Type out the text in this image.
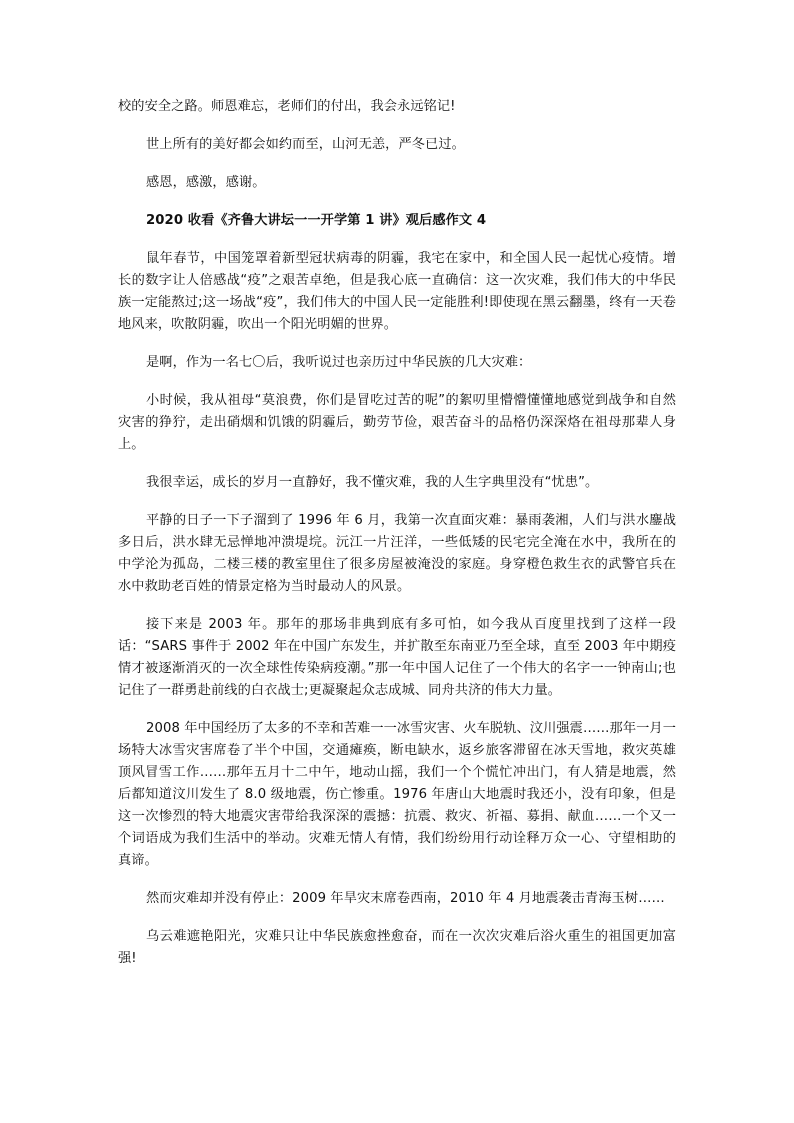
校的安全之路。师恩难忘，老师们的付出，我会永远铭记!

世上所有的美好都会如约而至，山河无恙，严冬已过。

感恩，感激，感谢。

2020 收看《齐鲁大讲坛一一开学第 1 讲》观后感作文 4

鼠年春节，中国笼罩着新型冠状病毒的阴霾，我宅在家中，和全国人民一起忧心疫情。增长的数字让人倍感战“疫”之艰苦卓绝，但是我心底一直确信：这一次灾难，我们伟大的中华民族一定能熬过;这一场战“疫”，我们伟大的中国人民一定能胜利!即使现在黑云翻墨，终有一天卷地风来，吹散阴霾，吹出一个阳光明媚的世界。

是啊，作为一名七〇后，我听说过也亲历过中华民族的几大灾难：

小时候，我从祖母“莫浪费，你们是冒吃过苦的呢”的絮叨里懵懵懂懂地感觉到战争和自然灾害的狰狞，走出硝烟和饥饿的阴霾后，勤劳节俭，艰苦奋斗的品格仍深深烙在祖母那辈人身上。

我很幸运，成长的岁月一直静好，我不懂灾难，我的人生字典里没有“忧患”。

平静的日子一下子溜到了 1996 年 6 月，我第一次直面灾难：暴雨袭湘，人们与洪水鏖战多日后，洪水肆无忌惮地冲溃堤垸。沅江一片汪洋，一些低矮的民宅完全淹在水中，我所在的中学沦为孤岛，二楼三楼的教室里住了很多房屋被淹没的家庭。身穿橙色救生衣的武警官兵在水中救助老百姓的情景定格为当时最动人的风景。

接下来是 2003 年。那年的那场非典到底有多可怕，如今我从百度里找到了这样一段话：“SARS 事件于 2002 年在中国广东发生，并扩散至东南亚乃至全球，直至 2003 年中期疫情才被逐渐消灭的一次全球性传染病疫潮。”那一年中国人记住了一个伟大的名字一一钟南山;也记住了一群勇赴前线的白衣战士;更凝聚起众志成城、同舟共济的伟大力量。

2008 年中国经历了太多的不幸和苦难一一冰雪灾害、火车脱轨、汶川强震……那年一月一场特大冰雪灾害席卷了半个中国，交通瘫痪，断电缺水，返乡旅客滞留在冰天雪地，救灾英雄顶风冒雪工作……那年五月十二中午，地动山摇，我们一个个慌忙冲出门，有人猜是地震，然后都知道汶川发生了 8.0 级地震，伤亡惨重。1976 年唐山大地震时我还小，没有印象，但是这一次惨烈的特大地震灾害带给我深深的震撼：抗震、救灾、祈福、募捐、献血……一个又一个词语成为我们生活中的举动。灾难无情人有情，我们纷纷用行动诠释万众一心、守望相助的真谛。

然而灾难却并没有停止：2009 年旱灾末席卷西南，2010 年 4 月地震袭击青海玉树……

乌云难遮艳阳光，灾难只让中华民族愈挫愈奋，而在一次次灾难后浴火重生的祖国更加富强!
